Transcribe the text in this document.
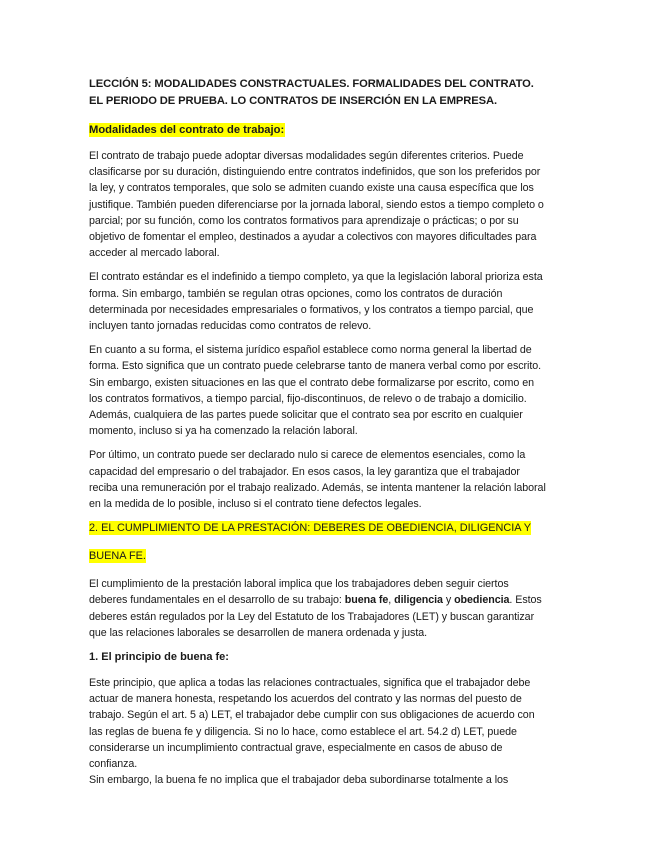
LECCIÓN 5: MODALIDADES CONSTRACTUALES. FORMALIDADES DEL CONTRATO. EL PERIODO DE PRUEBA. LO CONTRATOS DE INSERCIÓN EN LA EMPRESA.
Modalidades del contrato de trabajo:

El contrato de trabajo puede adoptar diversas modalidades según diferentes criterios. Puede clasificarse por su duración, distinguiendo entre contratos indefinidos, que son los preferidos por la ley, y contratos temporales, que solo se admiten cuando existe una causa específica que los justifique. También pueden diferenciarse por la jornada laboral, siendo estos a tiempo completo o parcial; por su función, como los contratos formativos para aprendizaje o prácticas; o por su objetivo de fomentar el empleo, destinados a ayudar a colectivos con mayores dificultades para acceder al mercado laboral.

El contrato estándar es el indefinido a tiempo completo, ya que la legislación laboral prioriza esta forma. Sin embargo, también se regulan otras opciones, como los contratos de duración determinada por necesidades empresariales o formativos, y los contratos a tiempo parcial, que incluyen tanto jornadas reducidas como contratos de relevo.

En cuanto a su forma, el sistema jurídico español establece como norma general la libertad de forma. Esto significa que un contrato puede celebrarse tanto de manera verbal como por escrito. Sin embargo, existen situaciones en las que el contrato debe formalizarse por escrito, como en los contratos formativos, a tiempo parcial, fijo-discontinuos, de relevo o de trabajo a domicilio. Además, cualquiera de las partes puede solicitar que el contrato sea por escrito en cualquier momento, incluso si ya ha comenzado la relación laboral.

Por último, un contrato puede ser declarado nulo si carece de elementos esenciales, como la capacidad del empresario o del trabajador. En esos casos, la ley garantiza que el trabajador reciba una remuneración por el trabajo realizado. Además, se intenta mantener la relación laboral en la medida de lo posible, incluso si el contrato tiene defectos legales.

2. EL CUMPLIMIENTO DE LA PRESTACIÓN: DEBERES DE OBEDIENCIA, DILIGENCIA Y
BUENA FE.

El cumplimiento de la prestación laboral implica que los trabajadores deben seguir ciertos deberes fundamentales en el desarrollo de su trabajo: buena fe, diligencia y obediencia. Estos deberes están regulados por la Ley del Estatuto de los Trabajadores (LET) y buscan garantizar que las relaciones laborales se desarrollen de manera ordenada y justa.

1. El principio de buena fe:

Este principio, que aplica a todas las relaciones contractuales, significa que el trabajador debe actuar de manera honesta, respetando los acuerdos del contrato y las normas del puesto de trabajo. Según el art. 5 a) LET, el trabajador debe cumplir con sus obligaciones de acuerdo con las reglas de buena fe y diligencia. Si no lo hace, como establece el art. 54.2 d) LET, puede considerarse un incumplimiento contractual grave, especialmente en casos de abuso de confianza.

Sin embargo, la buena fe no implica que el trabajador deba subordinarse totalmente a los
